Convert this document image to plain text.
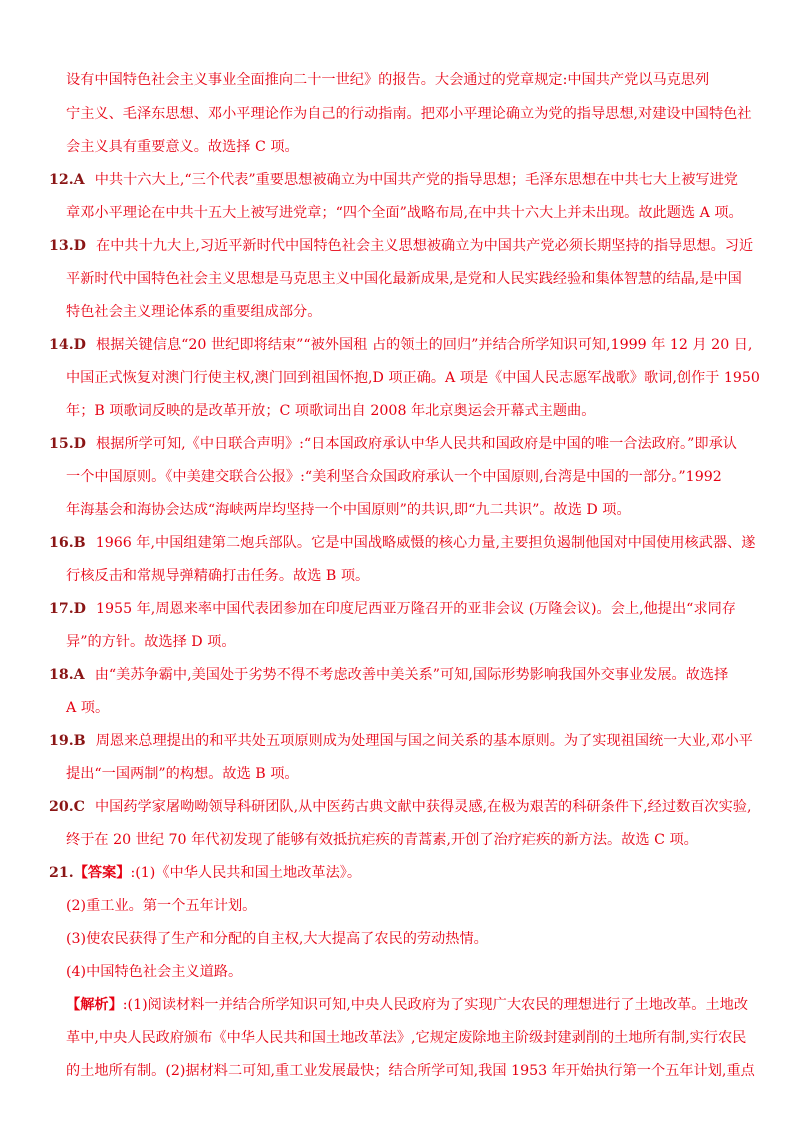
设有中国特色社会主义事业全面推向二十一世纪》的报告。大会通过的党章规定:中国共产党以马克思列
宁主义、毛泽东思想、邓小平理论作为自己的行动指南。把邓小平理论确立为党的指导思想,对建设中国特色社
会主义具有重要意义。故选择 C 项。
12.A 中共十六大上,“三个代表”重要思想被确立为中国共产党的指导思想；毛泽东思想在中共七大上被写进党
章邓小平理论在中共十五大上被写进党章；“四个全面”战略布局,在中共十六大上并未出现。故此题选 A 项。
13.D 在中共十九大上,习近平新时代中国特色社会主义思想被确立为中国共产党必须长期坚持的指导思想。习近
平新时代中国特色社会主义思想是马克思主义中国化最新成果,是党和人民实践经验和集体智慧的结晶,是中国
特色社会主义理论体系的重要组成部分。
14.D 根据关键信息“20 世纪即将结束”“被外国租 占的领土的回归”并结合所学知识可知,1999 年 12 月 20 日,
中国正式恢复对澳门行使主权,澳门回到祖国怀抱,D 项正确。A 项是《中国人民志愿军战歌》歌词,创作于 1950
年；B 项歌词反映的是改革开放；C 项歌词出自 2008 年北京奥运会开幕式主题曲。
15.D 根据所学可知,《中日联合声明》:“日本国政府承认中华人民共和国政府是中国的唯一合法政府。”即承认
一个中国原则。《中美建交联合公报》:“美利坚合众国政府承认一个中国原则,台湾是中国的一部分。”1992
年海基会和海协会达成“海峡两岸均坚持一个中国原则”的共识,即“九二共识”。故选 D 项。
16.B 1966 年,中国组建第二炮兵部队。它是中国战略威慑的核心力量,主要担负遏制他国对中国使用核武器、遂
行核反击和常规导弹精确打击任务。故选 B 项。
17.D 1955 年,周恩来率中国代表团参加在印度尼西亚万隆召开的亚非会议 (万隆会议)。会上,他提出“求同存
异”的方针。故选择 D 项。
18.A 由“美苏争霸中,美国处于劣势不得不考虑改善中美关系”可知,国际形势影响我国外交事业发展。故选择
A 项。
19.B 周恩来总理提出的和平共处五项原则成为处理国与国之间关系的基本原则。为了实现祖国统一大业,邓小平
提出“一国两制”的构想。故选 B 项。
20.C 中国药学家屠呦呦领导科研团队,从中医药古典文献中获得灵感,在极为艰苦的科研条件下,经过数百次实验,
终于在 20 世纪 70 年代初发现了能够有效抵抗疟疾的青蒿素,开创了治疗疟疾的新方法。故选 C 项。
21.【答案】:(1)《中华人民共和国土地改革法》。
(2)重工业。第一个五年计划。
(3)使农民获得了生产和分配的自主权,大大提高了农民的劳动热情。
(4)中国特色社会主义道路。
【解析】:(1)阅读材料一并结合所学知识可知,中央人民政府为了实现广大农民的理想进行了土地改革。土地改
革中,中央人民政府颁布《中华人民共和国土地改革法》,它规定废除地主阶级封建剥削的土地所有制,实行农民
的土地所有制。(2)据材料二可知,重工业发展最快；结合所学可知,我国 1953 年开始执行第一个五年计划,重点
